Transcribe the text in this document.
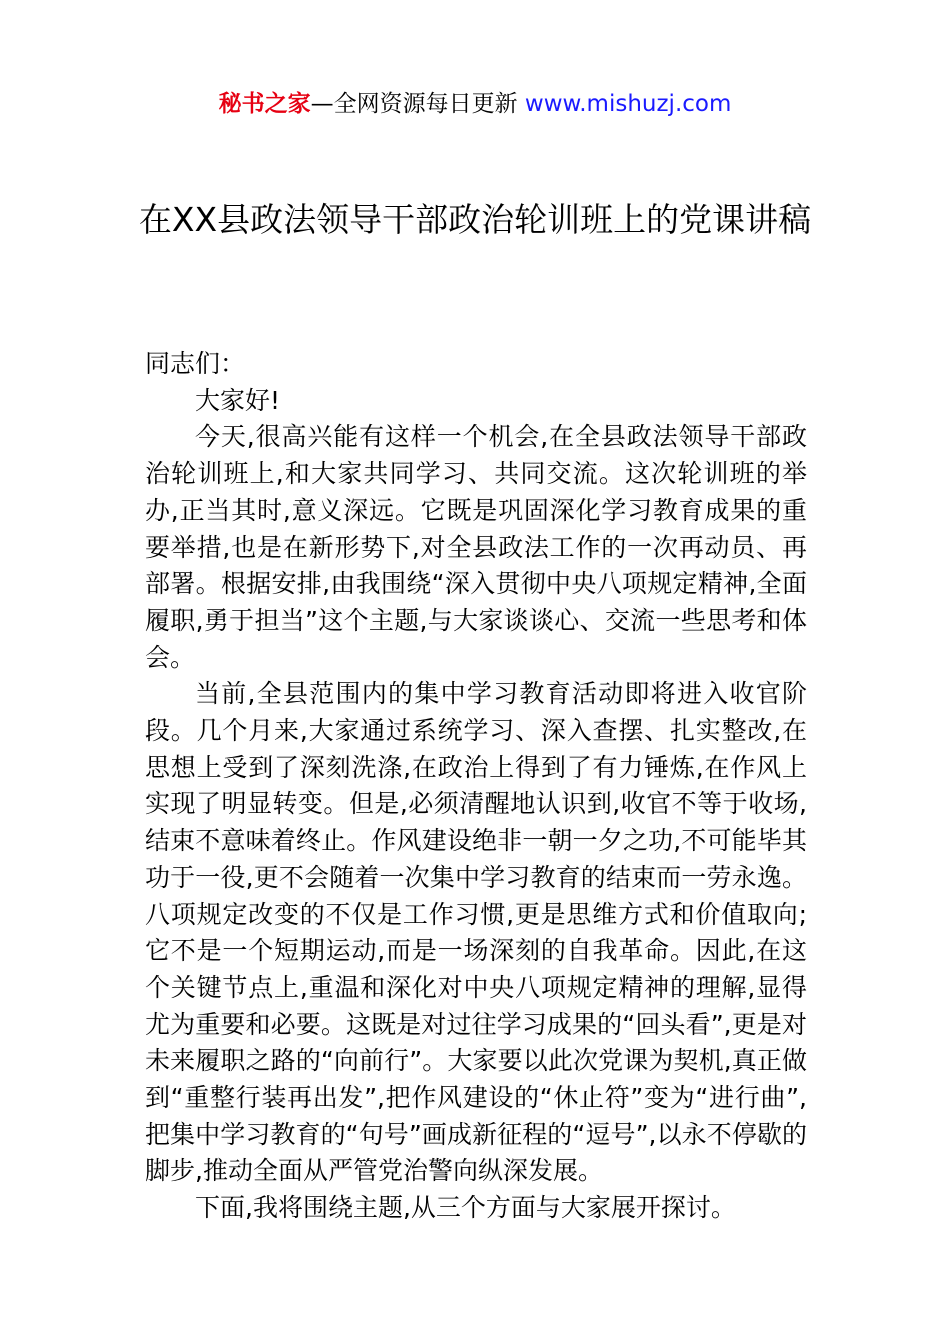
秘书之家—全网资源每日更新 www.mishuzj.com
在XX县政法领导干部政治轮训班上的党课讲稿

同志们：

大家好!

今天,很高兴能有这样一个机会,在全县政法领导干部政治轮训班上,和大家共同学习、共同交流。这次轮训班的举办,正当其时,意义深远。它既是巩固深化学习教育成果的重要举措,也是在新形势下,对全县政法工作的一次再动员、再部署。根据安排,由我围绕“深入贯彻中央八项规定精神,全面履职,勇于担当”这个主题,与大家谈谈心、交流一些思考和体会。

当前,全县范围内的集中学习教育活动即将进入收官阶段。几个月来,大家通过系统学习、深入查摆、扎实整改,在思想上受到了深刻洗涤,在政治上得到了有力锤炼,在作风上实现了明显转变。但是,必须清醒地认识到,收官不等于收场,结束不意味着终止。作风建设绝非一朝一夕之功,不可能毕其功于一役,更不会随着一次集中学习教育的结束而一劳永逸。八项规定改变的不仅是工作习惯,更是思维方式和价值取向;它不是一个短期运动,而是一场深刻的自我革命。因此,在这个关键节点上,重温和深化对中央八项规定精神的理解,显得尤为重要和必要。这既是对过往学习成果的“回头看”,更是对未来履职之路的“向前行”。大家要以此次党课为契机,真正做到“重整行装再出发”,把作风建设的“休止符”变为“进行曲”,把集中学习教育的“句号”画成新征程的“逗号”,以永不停歇的脚步,推动全面从严管党治警向纵深发展。

下面,我将围绕主题,从三个方面与大家展开探讨。
